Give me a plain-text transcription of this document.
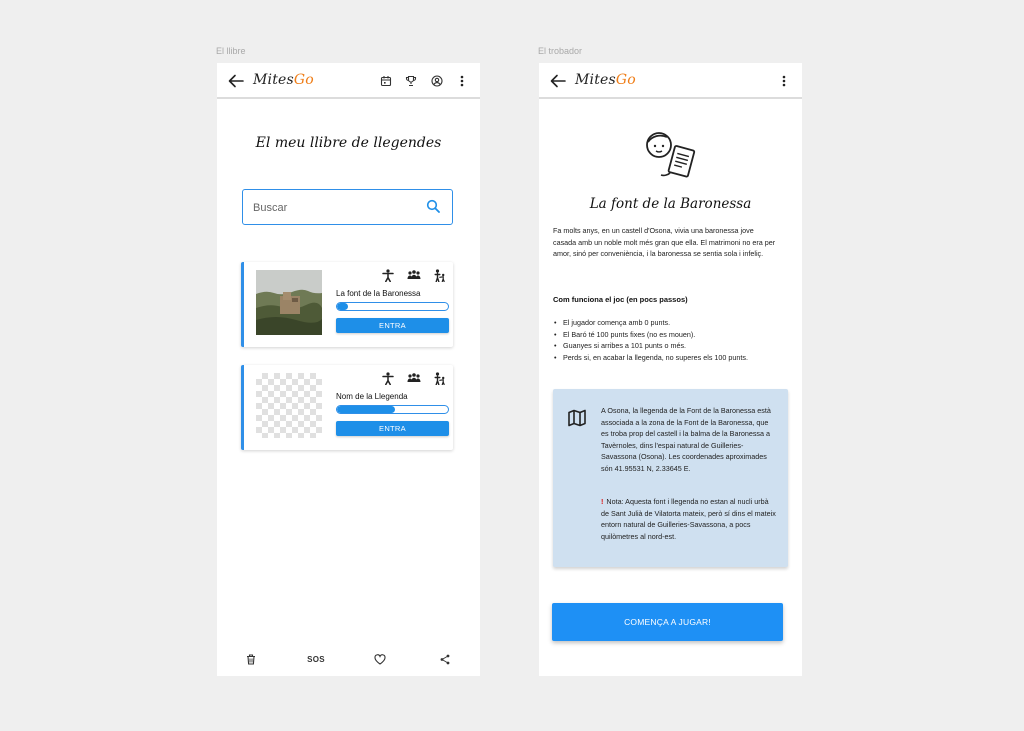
El llibre	El trobador
MitesGo
El meu llibre de llegendes
Buscar
La font de la Baronessa
ENTRA
Nom de la Llegenda
ENTRA
SOS
MitesGo
La font de la Baronessa
Fa molts anys, en un castell d'Osona, vivia una baronessa jove casada amb un noble molt més gran que ella. El matrimoni no era per amor, sinó per conveniència, i la baronessa se sentia sola i infeliç.
Com funciona el joc (en pocs passos)
• El jugador comença amb 0 punts.
• El Baró té 100 punts fixes (no es mouen).
• Guanyes si arribes a 101 punts o més.
• Perds si, en acabar la llegenda, no superes els 100 punts.
A Osona, la llegenda de la Font de la Baronessa està associada a la zona de la Font de la Baronessa, que es troba prop del castell i la balma de la Baronessa a Tavèrnoles, dins l'espai natural de Guilleries-Savassona (Osona). Les coordenades aproximades són 41.95531 N, 2.33645 E.
! Nota: Aquesta font i llegenda no estan al nucli urbà de Sant Julià de Vilatorta mateix, però sí dins el mateix entorn natural de Guilleries-Savassona, a pocs quilòmetres al nord-est.
COMENÇA A JUGAR!
